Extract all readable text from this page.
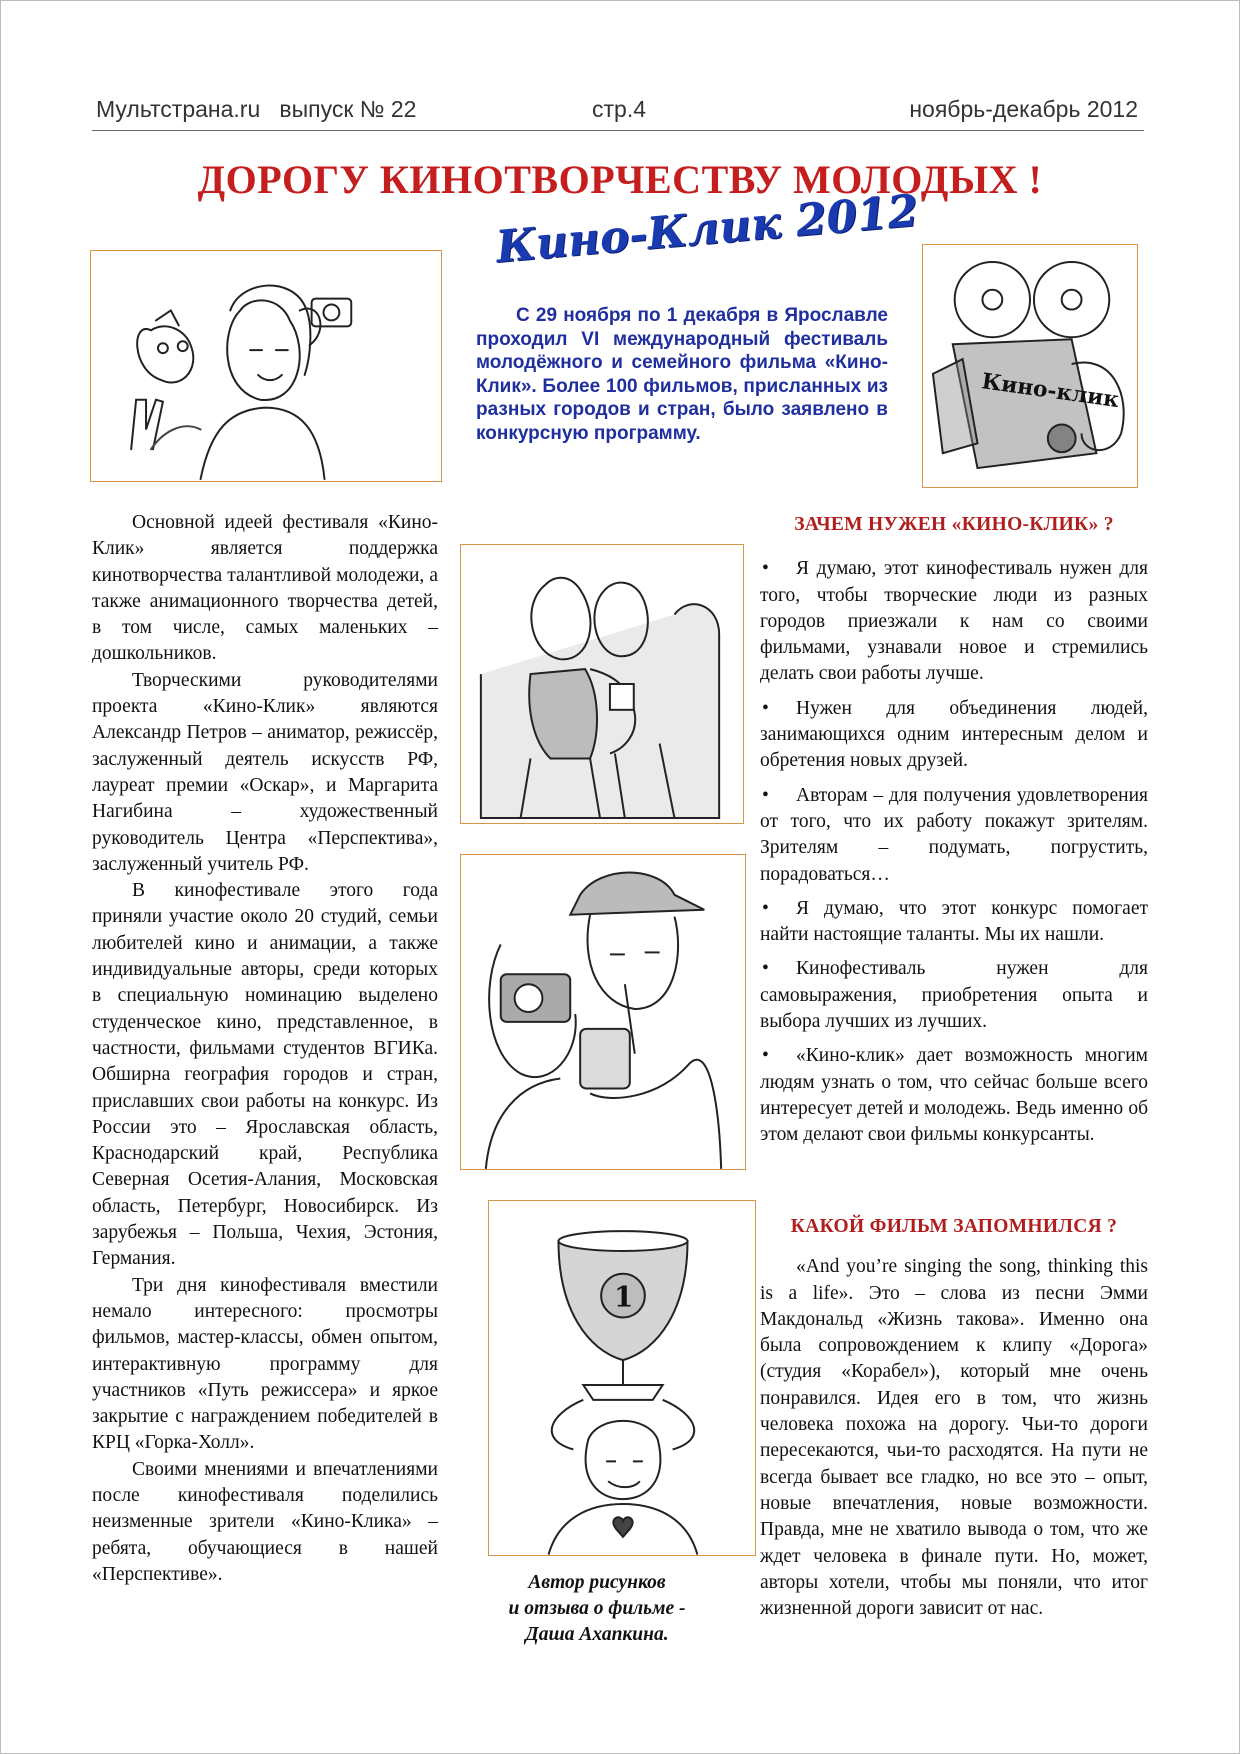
Мультстрана.ru   выпуск № 22	стр.4	ноябрь-декабрь 2012
ДОРОГУ КИНОТВОРЧЕСТВУ МОЛОДЫХ !
Кино-Клик 2012
С 29 ноября по 1 декабря в Ярославле проходил VI международный фестиваль молодёжного и семейного фильма «Кино-Клик». Более 100 фильмов, присланных из разных городов и стран, было заявлено в конкурсную программу.
Кино-клик
1

Основной идеей фестиваля «Кино-Клик» является поддержка кинотворчества талантливой молодежи, а также анимационного творчества детей, в том числе, самых маленьких – дошкольников.

Творческими руководителями проекта «Кино-Клик» являются Александр Петров – аниматор, режиссёр, заслуженный деятель искусств РФ, лауреат премии «Оскар», и Маргарита Нагибина – художественный руководитель Центра «Перспектива», заслуженный учитель РФ.

В кинофестивале этого года приняли участие около 20 студий, семьи любителей кино и анимации, а также индивидуальные авторы, среди которых в специальную номинацию выделено студенческое кино, представленное, в частности, фильмами студентов ВГИКа. Обширна география городов и стран, приславших свои работы на конкурс. Из России это – Ярославская область, Краснодарский край, Республика Северная Осетия-Алания, Московская область, Петербург, Новосибирск. Из зарубежья – Польша, Чехия, Эстония, Германия.

Три дня кинофестиваля вместили немало интересного: просмотры фильмов, мастер-классы, обмен опытом, интерактивную программу для участников «Путь режиссера» и яркое закрытие с награждением победителей в КРЦ «Горка-Холл».

Своими мнениями и впечатлениями после кинофестиваля поделились неизменные зрители «Кино-Клика» – ребята, обучающиеся в нашей «Перспективе».	Автор рисунков
и отзыва о фильме -
Даша Ахапкина.

ЗАЧЕМ НУЖЕН «КИНО-КЛИК» ?

• Я думаю, этот кинофестиваль нужен для того, чтобы творческие люди из разных городов приезжали к нам со своими фильмами, узнавали новое и стремились делать свои работы лучше.
• Нужен для объединения людей, занимающихся одним интересным делом и обретения новых друзей.
• Авторам – для получения удовлетворения от того, что их работу покажут зрителям. Зрителям – подумать, погрустить, порадоваться…
• Я думаю, что этот конкурс помогает найти настоящие таланты. Мы их нашли.
• Кинофестиваль нужен для самовыражения, приобретения опыта и выбора лучших из лучших.
• «Кино-клик» дает возможность многим людям узнать о том, что сейчас больше всего интересует детей и молодежь. Ведь именно об этом делают свои фильмы конкурсанты.

КАКОЙ ФИЛЬМ ЗАПОМНИЛСЯ ?

«And you’re singing the song, thinking this is a life». Это – слова из песни Эмми Макдональд «Жизнь такова». Именно она была сопровождением к клипу «Дорога» (студия «Корабел»), который мне очень понравился. Идея его в том, что жизнь человека похожа на дорогу. Чьи-то дороги пересекаются, чьи-то расходятся. На пути не всегда бывает все гладко, но все это – опыт, новые впечатления, новые возможности. Правда, мне не хватило вывода о том, что же ждет человека в финале пути. Но, может, авторы хотели, чтобы мы поняли, что итог жизненной дороги зависит от нас.
